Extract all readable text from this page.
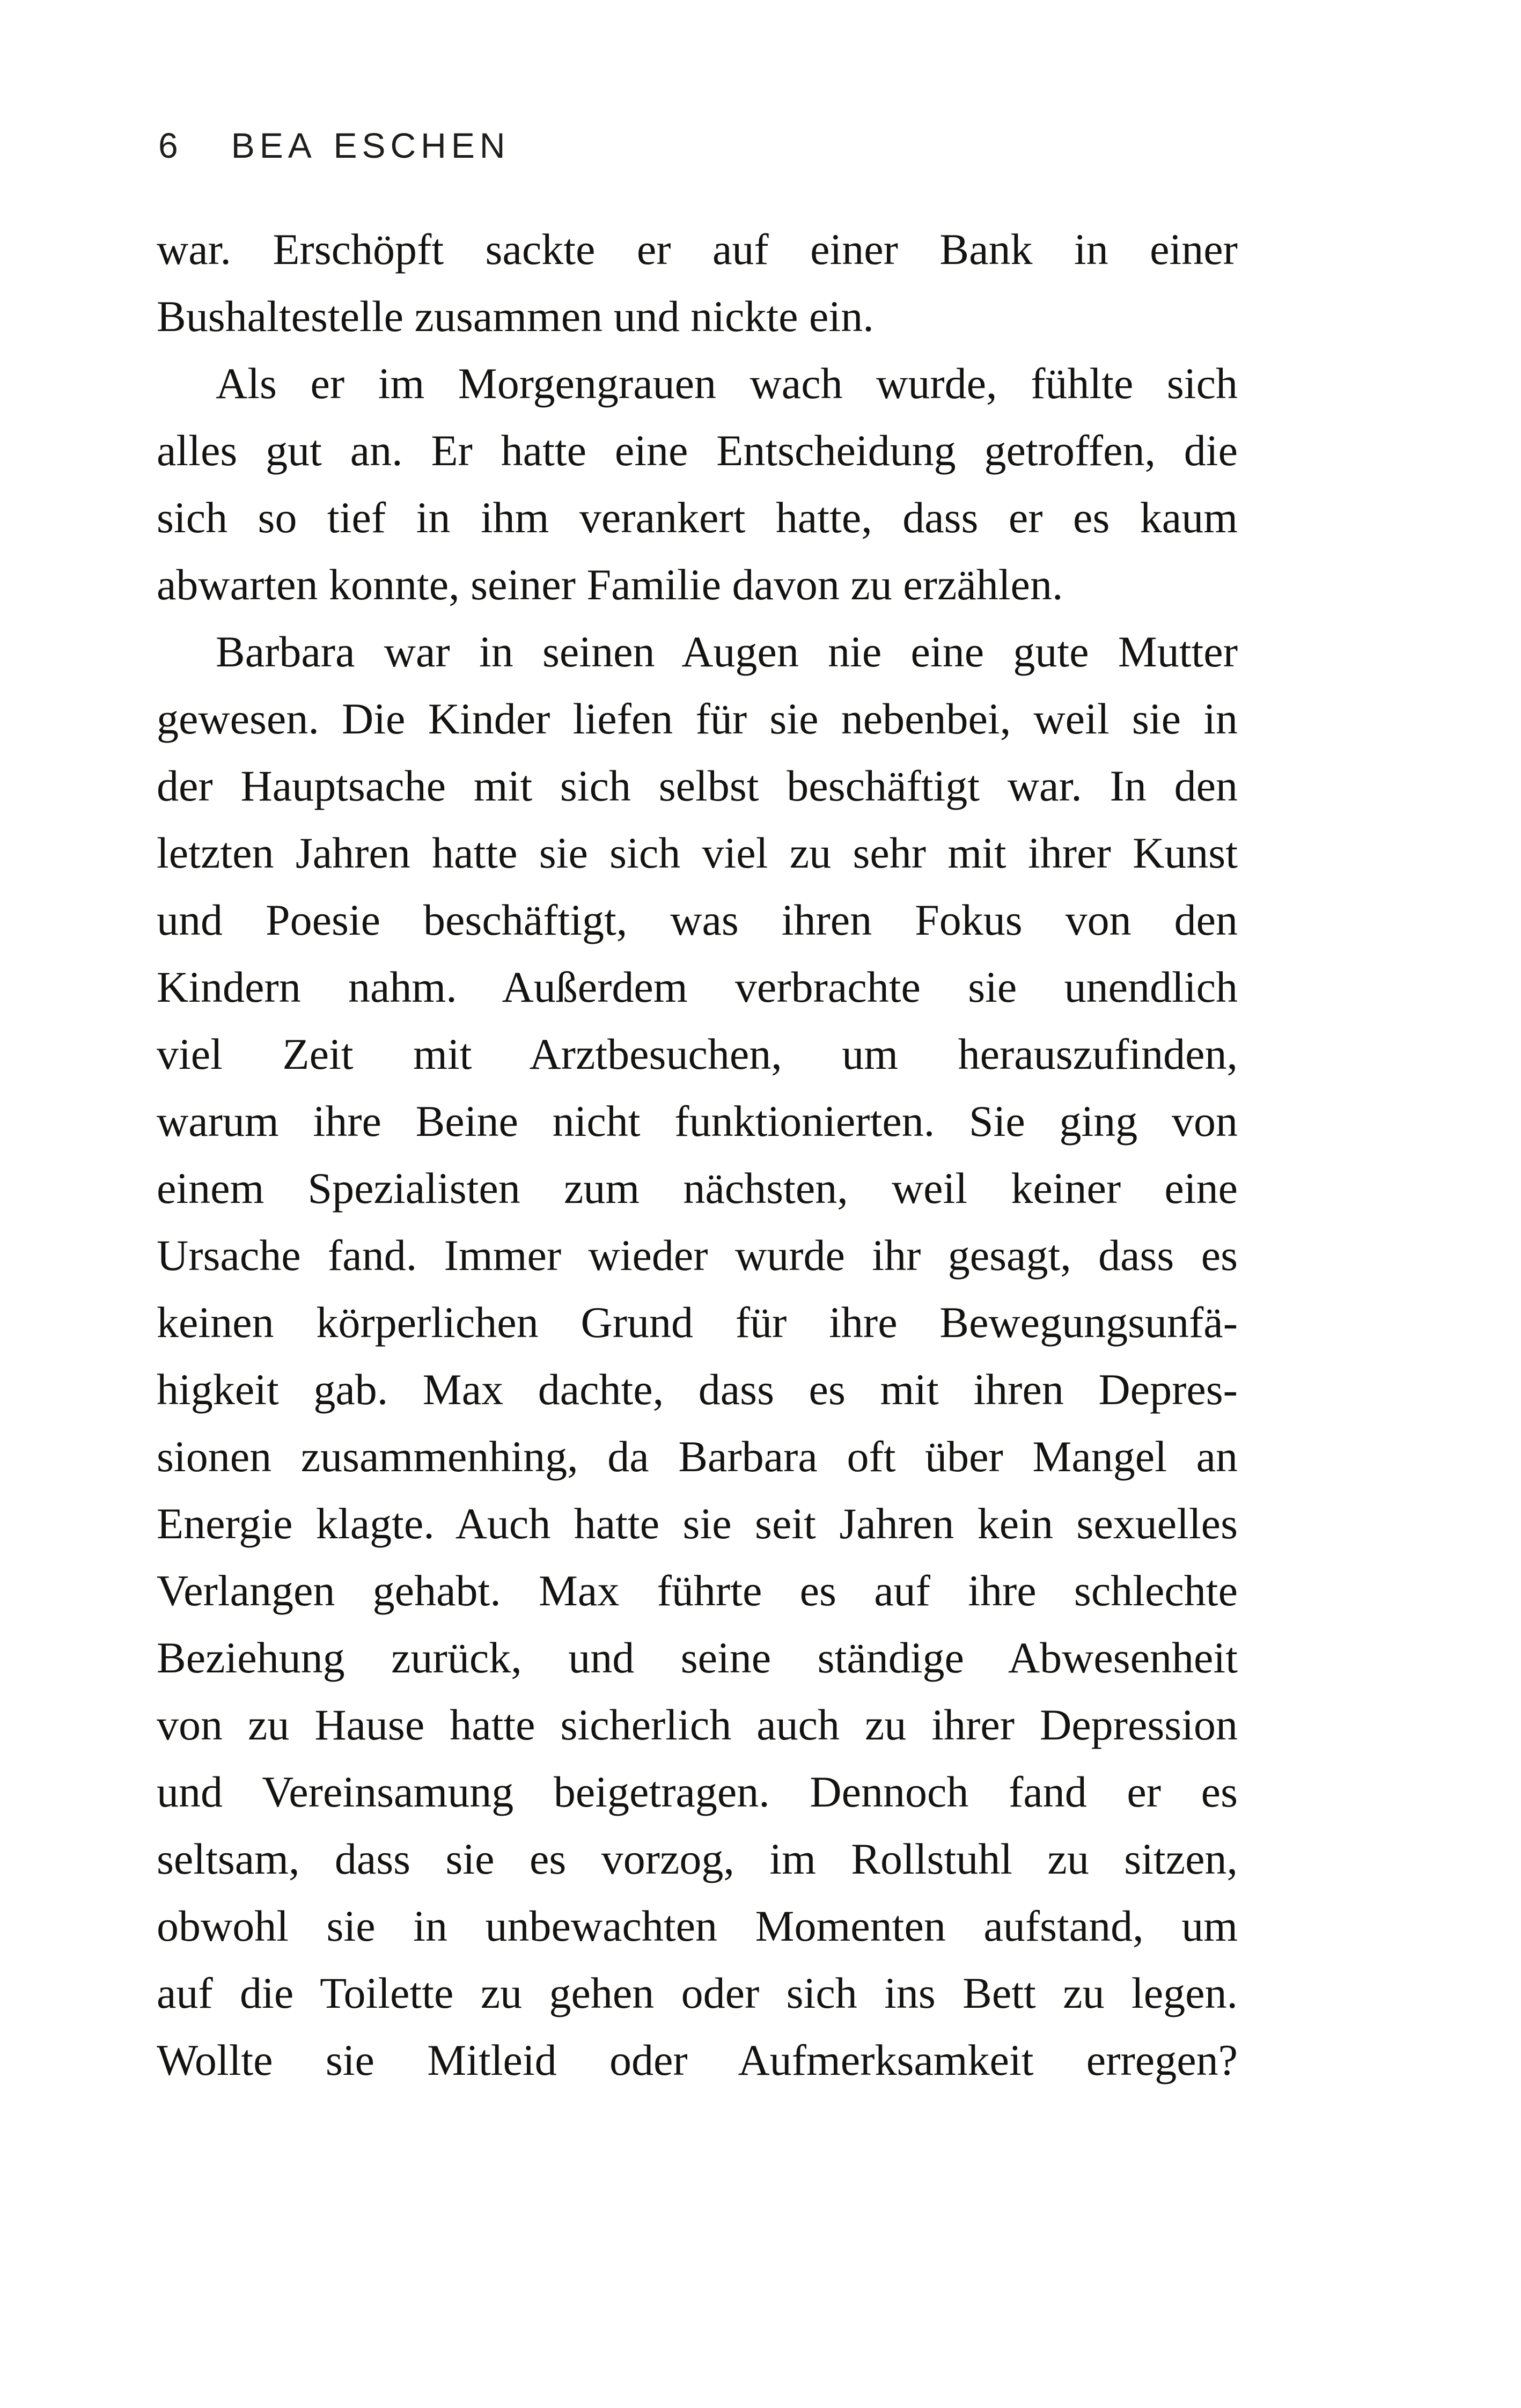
6 BEA ESCHEN
war. Erschöpft sackte er auf einer Bank in einer
Bushaltestelle zusammen und nickte ein.
Als er im Morgengrauen wach wurde, fühlte sich
alles gut an. Er hatte eine Entscheidung getroffen, die
sich so tief in ihm verankert hatte, dass er es kaum
abwarten konnte, seiner Familie davon zu erzählen.
Barbara war in seinen Augen nie eine gute Mutter
gewesen. Die Kinder liefen für sie nebenbei, weil sie in
der Hauptsache mit sich selbst beschäftigt war. In den
letzten Jahren hatte sie sich viel zu sehr mit ihrer Kunst
und Poesie beschäftigt, was ihren Fokus von den
Kindern nahm. Außerdem verbrachte sie unendlich
viel Zeit mit Arztbesuchen, um herauszufinden,
warum ihre Beine nicht funktionierten. Sie ging von
einem Spezialisten zum nächsten, weil keiner eine
Ursache fand. Immer wieder wurde ihr gesagt, dass es
keinen körperlichen Grund für ihre Bewegungsunfä-
higkeit gab. Max dachte, dass es mit ihren Depres-
sionen zusammenhing, da Barbara oft über Mangel an
Energie klagte. Auch hatte sie seit Jahren kein sexuelles
Verlangen gehabt. Max führte es auf ihre schlechte
Beziehung zurück, und seine ständige Abwesenheit
von zu Hause hatte sicherlich auch zu ihrer Depression
und Vereinsamung beigetragen. Dennoch fand er es
seltsam, dass sie es vorzog, im Rollstuhl zu sitzen,
obwohl sie in unbewachten Momenten aufstand, um
auf die Toilette zu gehen oder sich ins Bett zu legen.
Wollte sie Mitleid oder Aufmerksamkeit erregen?
